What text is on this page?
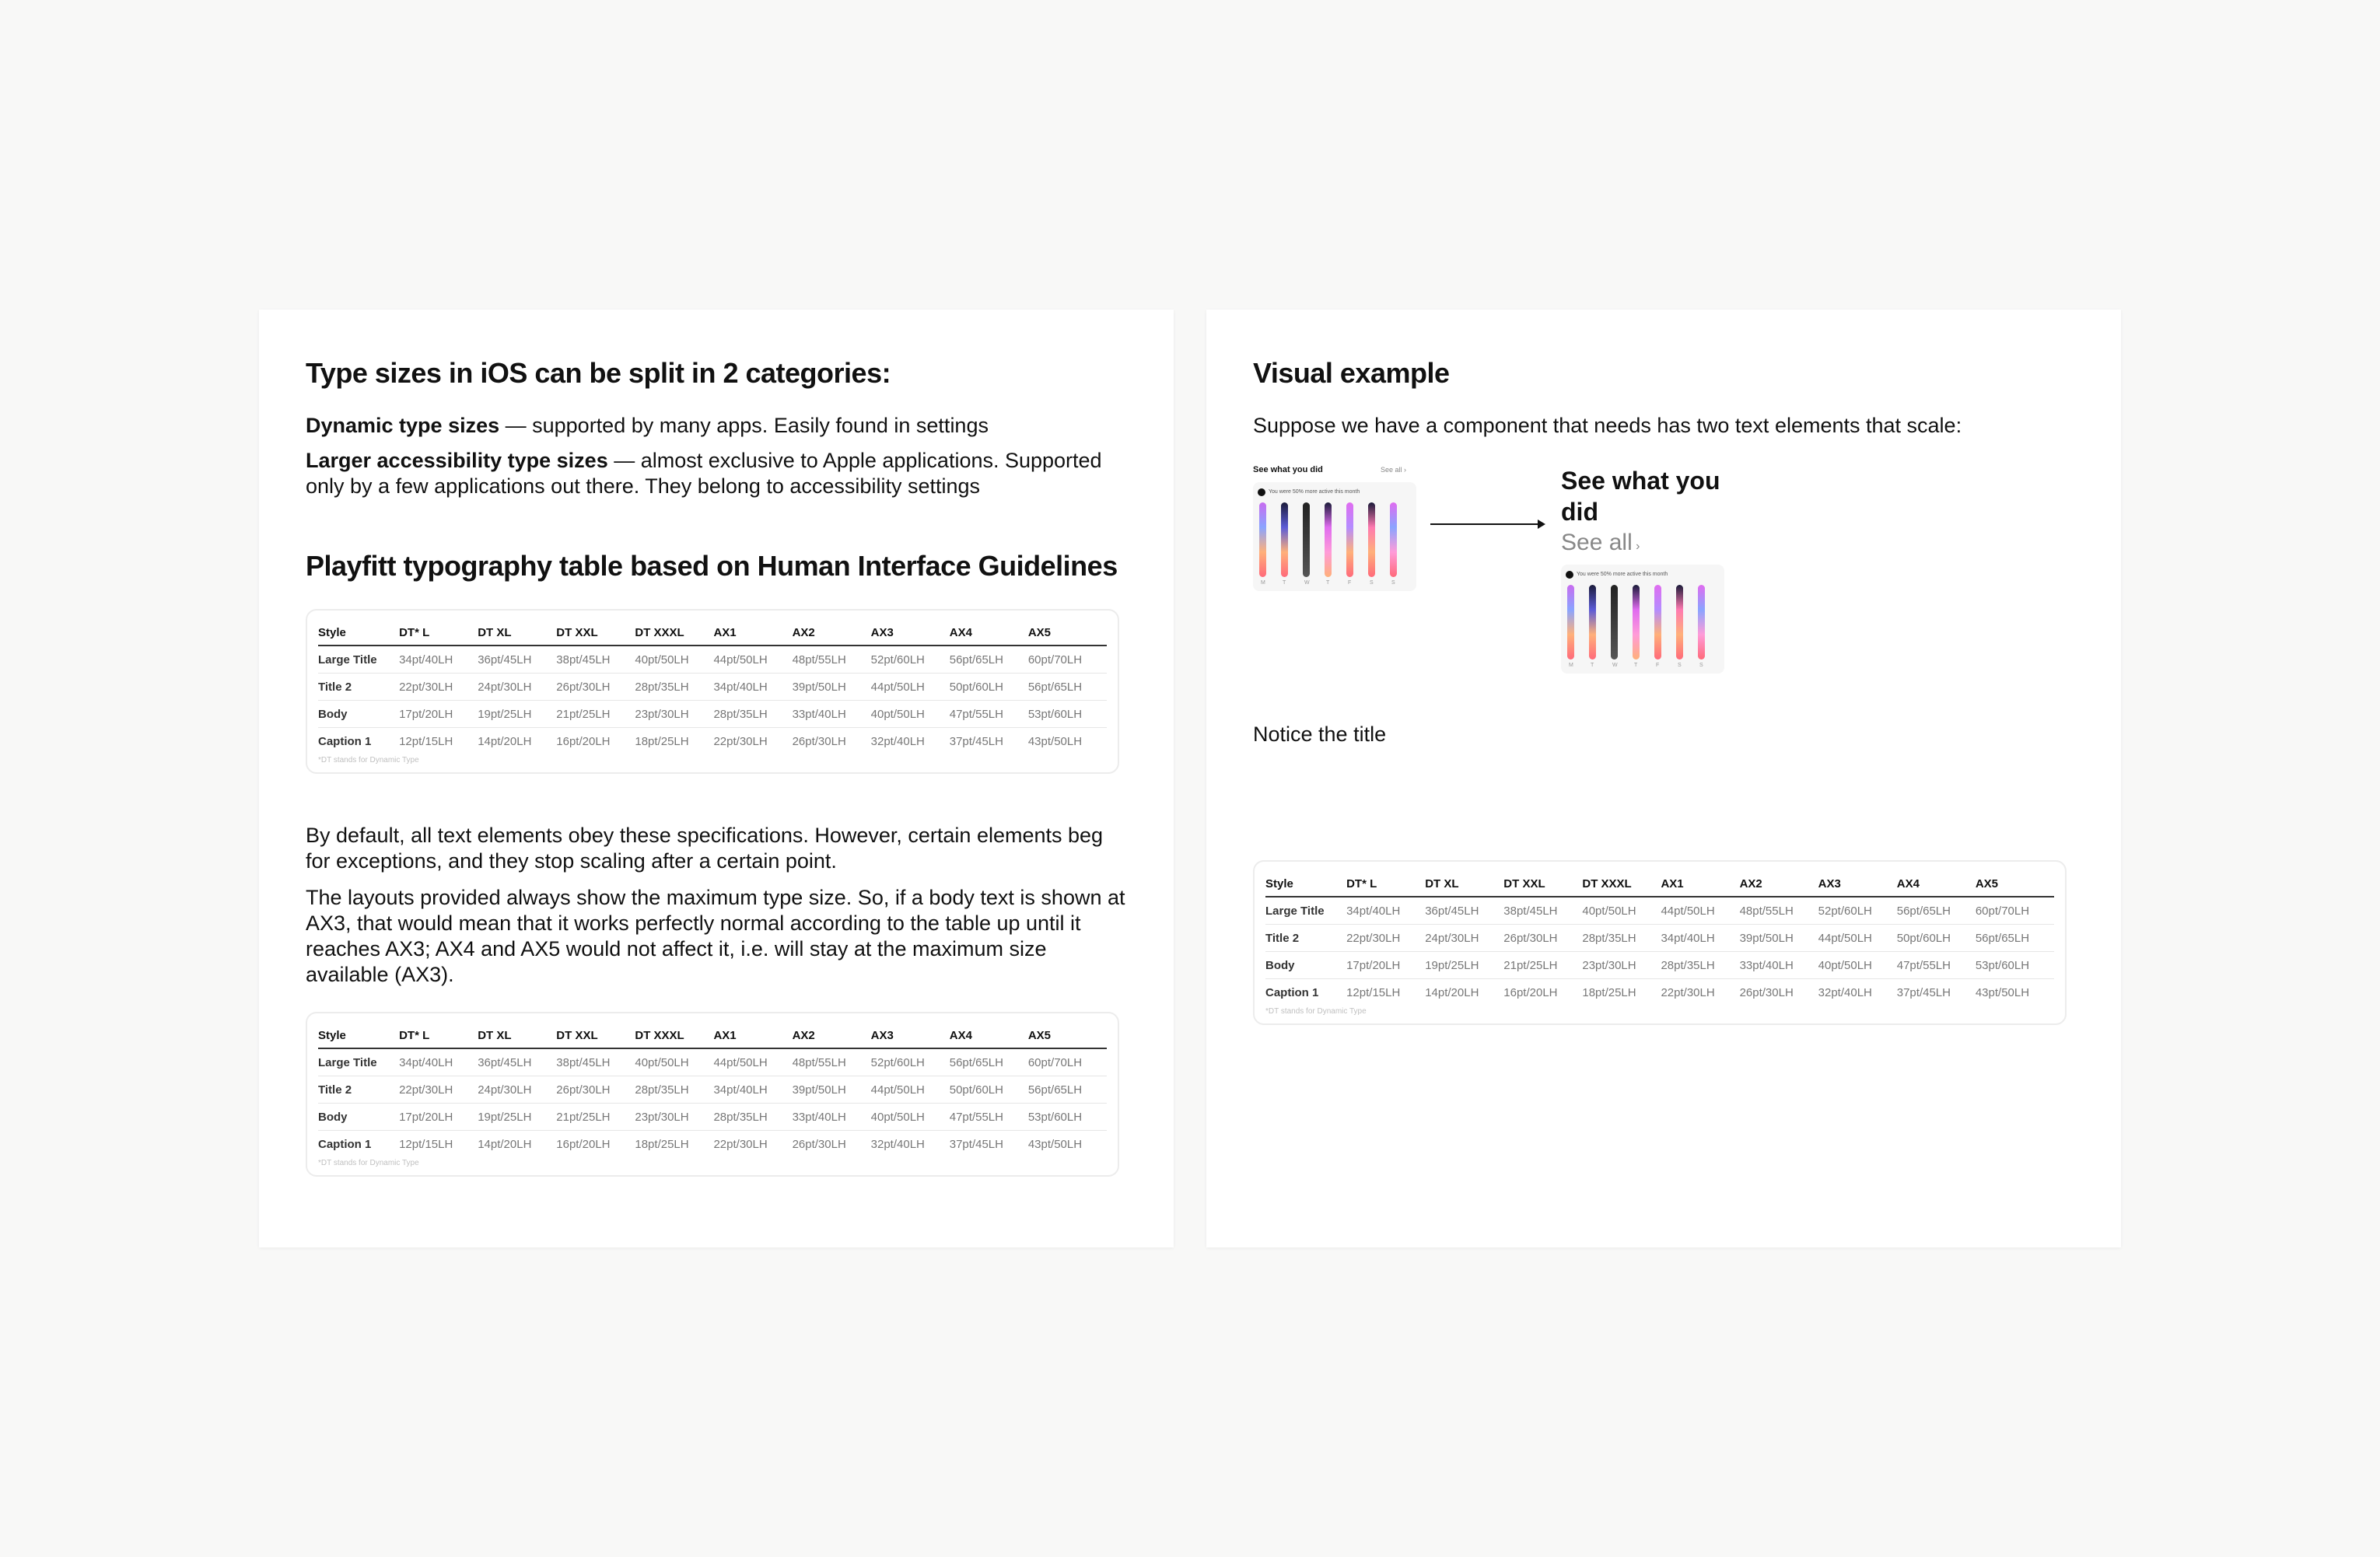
Type sizes in iOS can be split in 2 categories:

Dynamic type sizes — supported by many apps. Easily found in settings

Larger accessibility type sizes — almost exclusive to Apple applications. Supported only by a few applications out there. They belong to accessibility settings

Playfitt typography table based on Human Interface Guidelines
Style	DT* L	DT XL	DT XXL	DT XXXL	AX1	AX2	AX3	AX4	AX5
Large Title	34pt/40LH	36pt/45LH	38pt/45LH	40pt/50LH	44pt/50LH	48pt/55LH	52pt/60LH	56pt/65LH	60pt/70LH
Title 2	22pt/30LH	24pt/30LH	26pt/30LH	28pt/35LH	34pt/40LH	39pt/50LH	44pt/50LH	50pt/60LH	56pt/65LH
Body	17pt/20LH	19pt/25LH	21pt/25LH	23pt/30LH	28pt/35LH	33pt/40LH	40pt/50LH	47pt/55LH	53pt/60LH
Caption 1	12pt/15LH	14pt/20LH	16pt/20LH	18pt/25LH	22pt/30LH	26pt/30LH	32pt/40LH	37pt/45LH	43pt/50LH
*DT stands for Dynamic Type

By default, all text elements obey these specifications. However, certain elements beg for exceptions, and they stop scaling after a certain point.

The layouts provided always show the maximum type size. So, if a body text is shown at AX3, that would mean that it works perfectly normal according to the table up until it reaches AX3; AX4 and AX5 would not affect it, i.e. will stay at the maximum size available (AX3).

Style	DT* L	DT XL	DT XXL	DT XXXL	AX1	AX2	AX3	AX4	AX5
Large Title	34pt/40LH	36pt/45LH	38pt/45LH	40pt/50LH	44pt/50LH	48pt/55LH	52pt/60LH	56pt/65LH	60pt/70LH
Title 2	22pt/30LH	24pt/30LH	26pt/30LH	28pt/35LH	34pt/40LH	39pt/50LH	44pt/50LH	50pt/60LH	56pt/65LH
Body	17pt/20LH	19pt/25LH	21pt/25LH	23pt/30LH	28pt/35LH	33pt/40LH	40pt/50LH	47pt/55LH	53pt/60LH
Caption 1	12pt/15LH	14pt/20LH	16pt/20LH	18pt/25LH	22pt/30LH	26pt/30LH	32pt/40LH	37pt/45LH	43pt/50LH
*DT stands for Dynamic Type
Visual example

Suppose we have a component that needs has two text elements that scale:

See what you did	See all ›
You were 50% more active this month
M	T	W	T	F	S	S
See what you did
See all ›
You were 50% more active this month
M	T	W	T	F	S	S

Notice the title

Style	DT* L	DT XL	DT XXL	DT XXXL	AX1	AX2	AX3	AX4	AX5
Large Title	34pt/40LH	36pt/45LH	38pt/45LH	40pt/50LH	44pt/50LH	48pt/55LH	52pt/60LH	56pt/65LH	60pt/70LH
Title 2	22pt/30LH	24pt/30LH	26pt/30LH	28pt/35LH	34pt/40LH	39pt/50LH	44pt/50LH	50pt/60LH	56pt/65LH
Body	17pt/20LH	19pt/25LH	21pt/25LH	23pt/30LH	28pt/35LH	33pt/40LH	40pt/50LH	47pt/55LH	53pt/60LH
Caption 1	12pt/15LH	14pt/20LH	16pt/20LH	18pt/25LH	22pt/30LH	26pt/30LH	32pt/40LH	37pt/45LH	43pt/50LH
*DT stands for Dynamic Type
